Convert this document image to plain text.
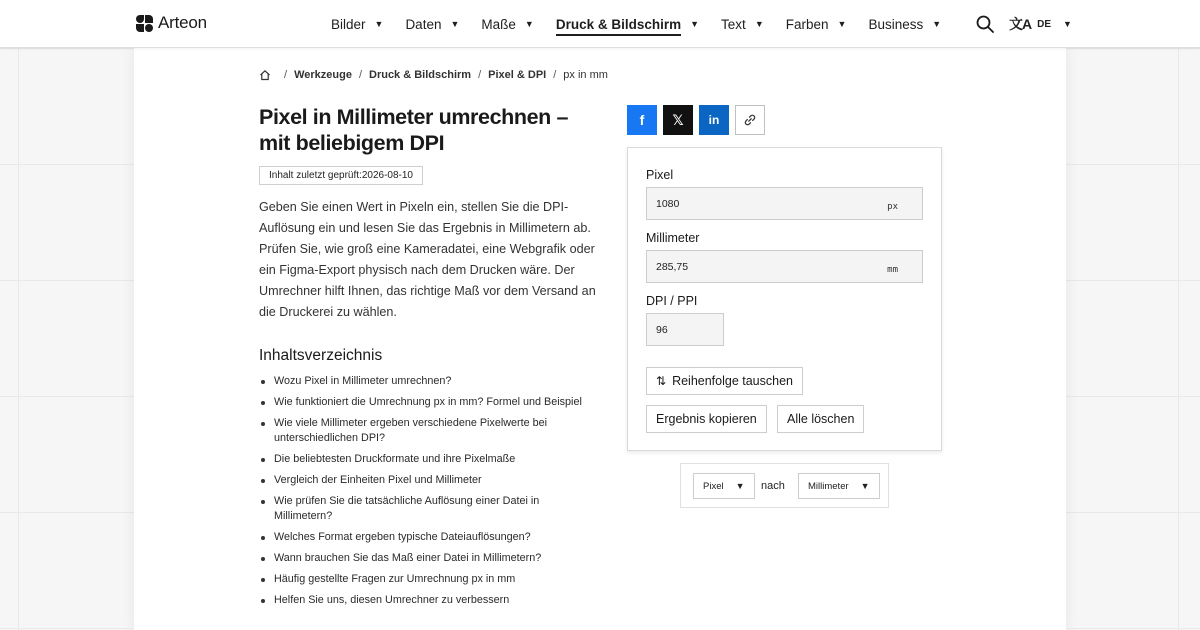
Arteon	Bilder ▼ Daten ▼ Maße ▼ Druck & Bildschirm ▼ Text ▼ Farben ▼ Business ▼	文A DE ▼
/ Werkzeuge / Druck & Bildschirm / Pixel & DPI / px in mm
Pixel in Millimeter umrechnen – mit beliebigem DPI
Inhalt zuletzt geprüft:2026-08-10

Geben Sie einen Wert in Pixeln ein, stellen Sie die DPI-Auflösung ein und lesen Sie das Ergebnis in Millimetern ab. Prüfen Sie, wie groß eine Kameradatei, eine Webgrafik oder ein Figma-Export physisch nach dem Drucken wäre. Der Umrechner hilft Ihnen, das richtige Maß vor dem Versand an die Druckerei zu wählen.

Inhaltsverzeichnis
Wozu Pixel in Millimeter umrechnen?
Wie funktioniert die Umrechnung px in mm? Formel und Beispiel
Wie viele Millimeter ergeben verschiedene Pixelwerte bei unterschiedlichen DPI?
Die beliebtesten Druckformate und ihre Pixelmaße
Vergleich der Einheiten Pixel und Millimeter
Wie prüfen Sie die tatsächliche Auflösung einer Datei in Millimetern?
Welches Format ergeben typische Dateiauflösungen?
Wann brauchen Sie das Maß einer Datei in Millimetern?
Häufig gestellte Fragen zur Umrechnung px in mm
Helfen Sie uns, diesen Umrechner zu verbessern
f 𝕏 in
Pixel
1080	px
Millimeter
285,75	mm
DPI / PPI
96
⇅ Reihenfolge tauschen
Ergebnis kopieren	Alle löschen
Pixel ▼ nach Millimeter ▼
